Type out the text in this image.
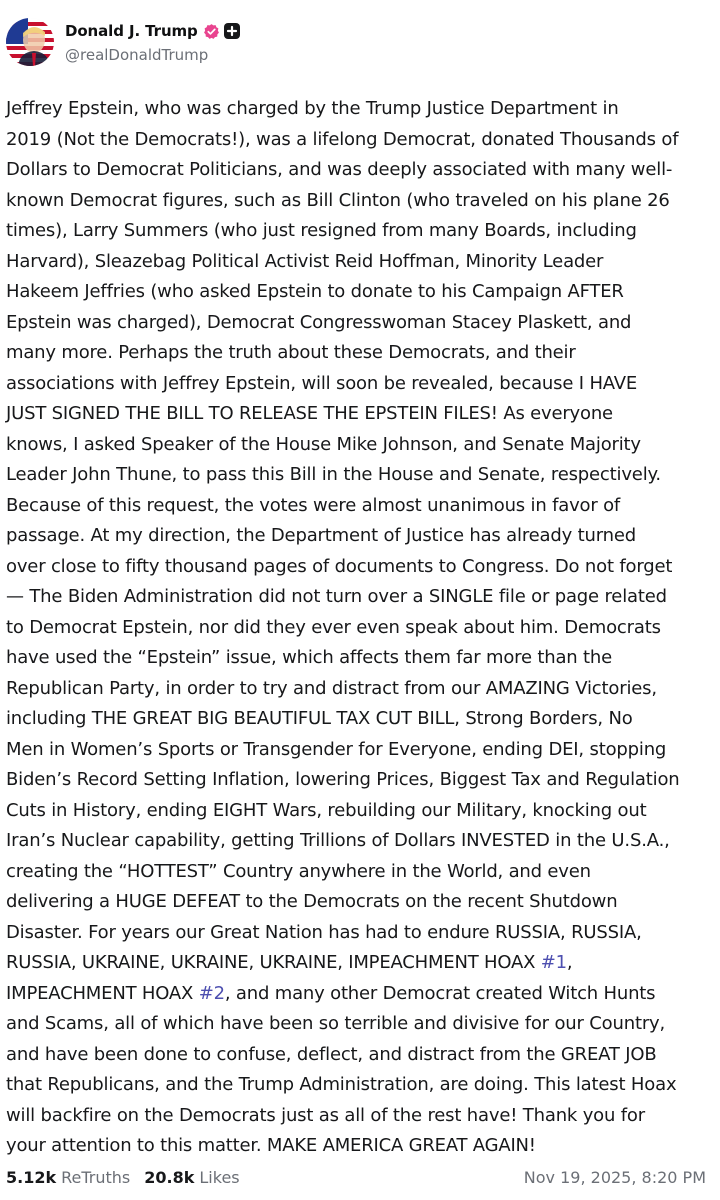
Donald J. Trump
@realDonaldTrump
Jeffrey Epstein, who was charged by the Trump Justice Department in
2019 (Not the Democrats!), was a lifelong Democrat, donated Thousands of
Dollars to Democrat Politicians, and was deeply associated with many well-
known Democrat figures, such as Bill Clinton (who traveled on his plane 26
times), Larry Summers (who just resigned from many Boards, including
Harvard), Sleazebag Political Activist Reid Hoffman, Minority Leader
Hakeem Jeffries (who asked Epstein to donate to his Campaign AFTER
Epstein was charged), Democrat Congresswoman Stacey Plaskett, and
many more. Perhaps the truth about these Democrats, and their
associations with Jeffrey Epstein, will soon be revealed, because I HAVE
JUST SIGNED THE BILL TO RELEASE THE EPSTEIN FILES! As everyone
knows, I asked Speaker of the House Mike Johnson, and Senate Majority
Leader John Thune, to pass this Bill in the House and Senate, respectively.
Because of this request, the votes were almost unanimous in favor of
passage. At my direction, the Department of Justice has already turned
over close to fifty thousand pages of documents to Congress. Do not forget
— The Biden Administration did not turn over a SINGLE file or page related
to Democrat Epstein, nor did they ever even speak about him. Democrats
have used the “Epstein” issue, which affects them far more than the
Republican Party, in order to try and distract from our AMAZING Victories,
including THE GREAT BIG BEAUTIFUL TAX CUT BILL, Strong Borders, No
Men in Women’s Sports or Transgender for Everyone, ending DEI, stopping
Biden’s Record Setting Inflation, lowering Prices, Biggest Tax and Regulation
Cuts in History, ending EIGHT Wars, rebuilding our Military, knocking out
Iran’s Nuclear capability, getting Trillions of Dollars INVESTED in the U.S.A.,
creating the “HOTTEST” Country anywhere in the World, and even
delivering a HUGE DEFEAT to the Democrats on the recent Shutdown
Disaster. For years our Great Nation has had to endure RUSSIA, RUSSIA,
RUSSIA, UKRAINE, UKRAINE, UKRAINE, IMPEACHMENT HOAX #1,
IMPEACHMENT HOAX #2, and many other Democrat created Witch Hunts
and Scams, all of which have been so terrible and divisive for our Country,
and have been done to confuse, deflect, and distract from the GREAT JOB
that Republicans, and the Trump Administration, are doing. This latest Hoax
will backfire on the Democrats just as all of the rest have! Thank you for
your attention to this matter. MAKE AMERICA GREAT AGAIN!
5.12k ReTruths 20.8k Likes	Nov 19, 2025, 8:20 PM
